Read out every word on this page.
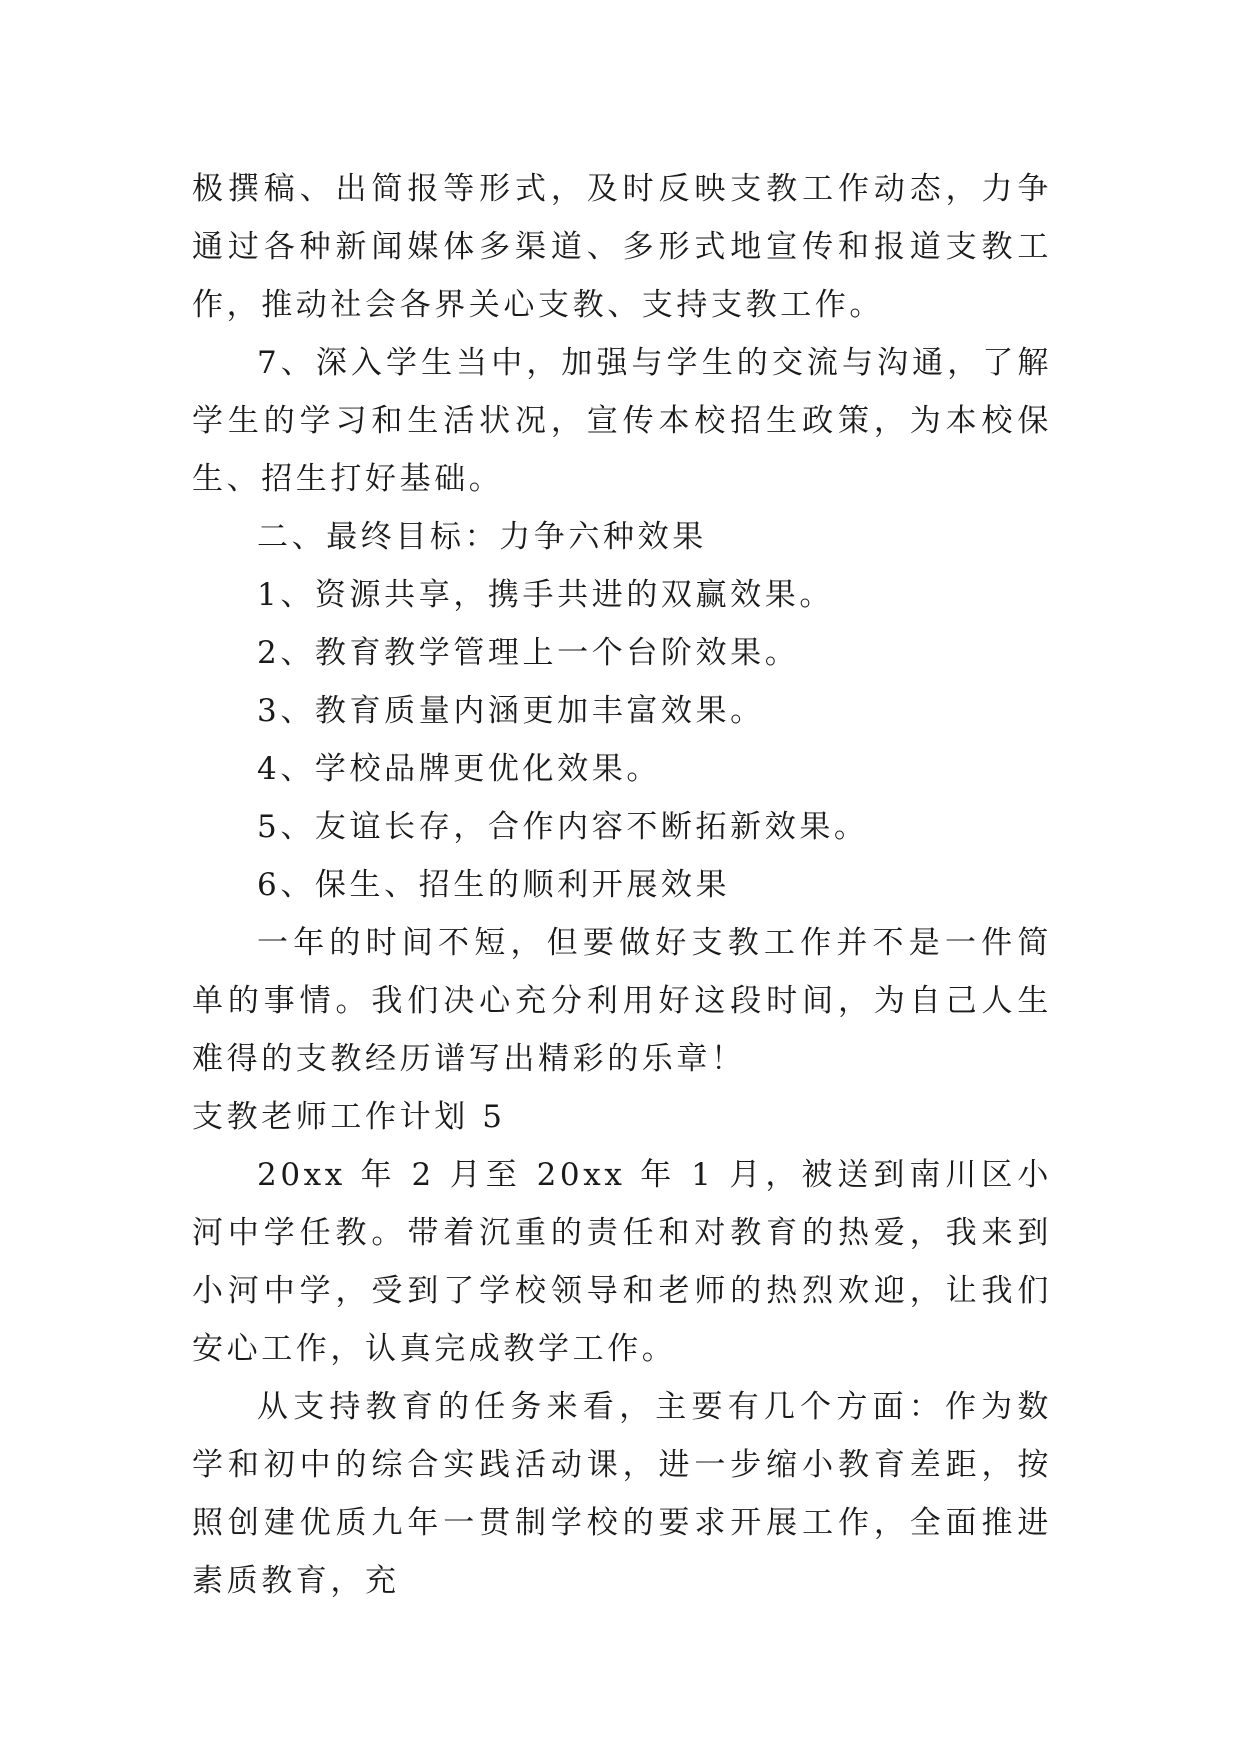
极撰稿、出简报等形式，及时反映支教工作动态，力争通过各种新闻媒体多渠道、多形式地宣传和报道支教工作，推动社会各界关心支教、支持支教工作。

7、深入学生当中，加强与学生的交流与沟通，了解学生的学习和生活状况，宣传本校招生政策，为本校保生、招生打好基础。

二、最终目标：力争六种效果

1、资源共享，携手共进的双赢效果。

2、教育教学管理上一个台阶效果。

3、教育质量内涵更加丰富效果。

4、学校品牌更优化效果。

5、友谊长存，合作内容不断拓新效果。

6、保生、招生的顺利开展效果

一年的时间不短，但要做好支教工作并不是一件简单的事情。我们决心充分利用好这段时间，为自己人生难得的支教经历谱写出精彩的乐章！

支教老师工作计划 5

20xx 年 2 月至 20xx 年 1 月，被送到南川区小河中学任教。带着沉重的责任和对教育的热爱，我来到小河中学，受到了学校领导和老师的热烈欢迎，让我们安心工作，认真完成教学工作。

从支持教育的任务来看，主要有几个方面：作为数学和初中的综合实践活动课，进一步缩小教育差距，按照创建优质九年一贯制学校的要求开展工作，全面推进素质教育，充
